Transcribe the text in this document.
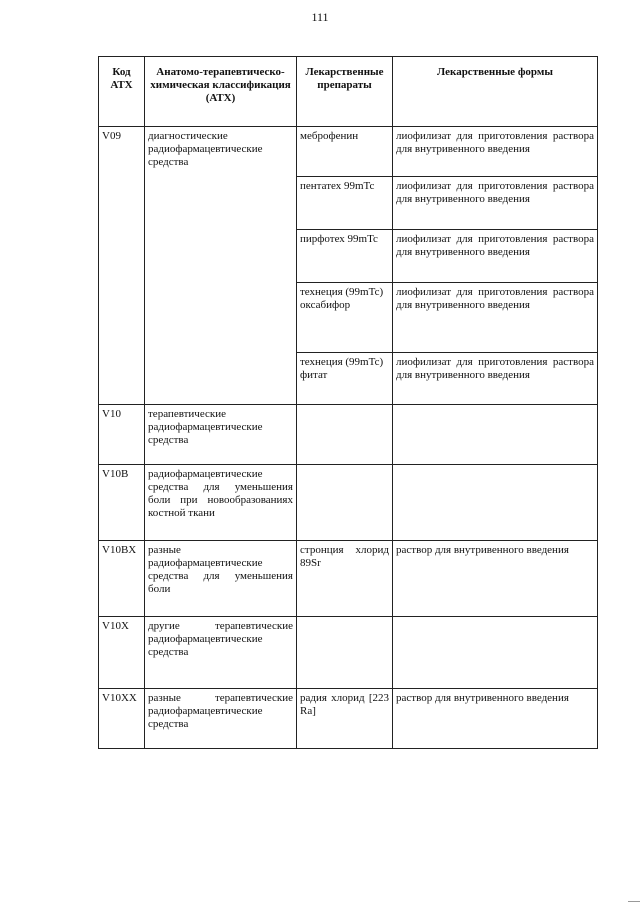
111
Код АТХ	Анатомо-терапевтическо-химическая классификация (АТХ)	Лекарственные препараты	Лекарственные формы
V09	диагностические радиофармацевтические средства	меброфенин	лиофилизат для приготовления раствора для внутривенного введения
		пентатех 99mTc	лиофилизат для приготовления раствора для внутривенного введения
		пирфотех 99mTc	лиофилизат для приготовления раствора для внутривенного введения
		технеция (99mTc) оксабифор	лиофилизат для приготовления раствора для внутривенного введения
		технеция (99mTc) фитат	лиофилизат для приготовления раствора для внутривенного введения
V10	терапевтические радиофармацевтические средства		
V10B	радиофармацевтические средства для уменьшения боли при новообразованиях костной ткани		
V10BX	разные радиофармацевтические средства для уменьшения боли	стронция хлорид 89Sr	раствор для внутривенного введения
V10X	другие терапевтические радиофармацевтические средства		
V10XX	разные терапевтические радиофармацевтические средства	радия хлорид [223 Ra]	раствор для внутривенного введения
